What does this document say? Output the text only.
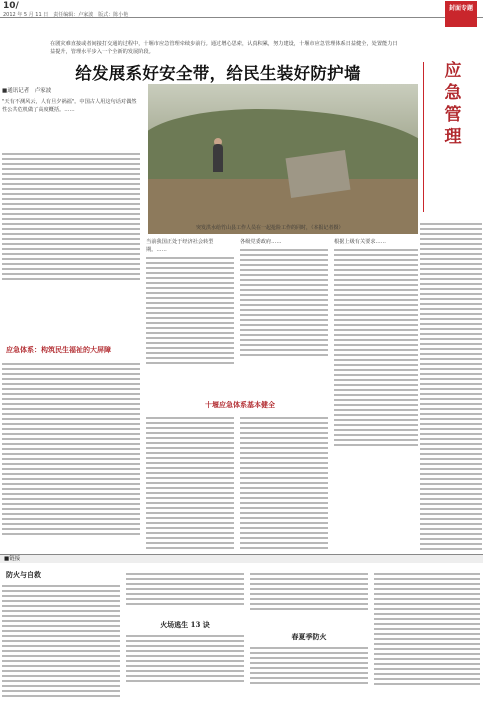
10/
2012 年 5 月 11 日　责任编辑：卢家波　版式：陈小艳
封面专题
在剧灾难直接或者间接打交通的过程中，十堰市应急管理牵续步前行。通过增心思索，认真积累，努力建设，十堰市应急管理体系日益健全，处置能力日益提升，管理水平步入一个全新的发展阶段。
给发展系好安全带，给民生装好防护墙	应
急
管
理
■通讯记者　卢家波
突发洪水给竹山县工作人员在一起抢险工作的同时，（本报记者摄）
"天有不测风云，人有旦夕祸福"。中国古人用这句话对偶然性公共危机做了高度概括。……
应急体系：构筑民生福祉的大屏障
当前我国正处于经济社会转型期。……
十堰应急体系基本健全
各级党委政府……	根据上级有关要求……
■链接
防火与自救
火场逃生 13 诀
春夏季防火
